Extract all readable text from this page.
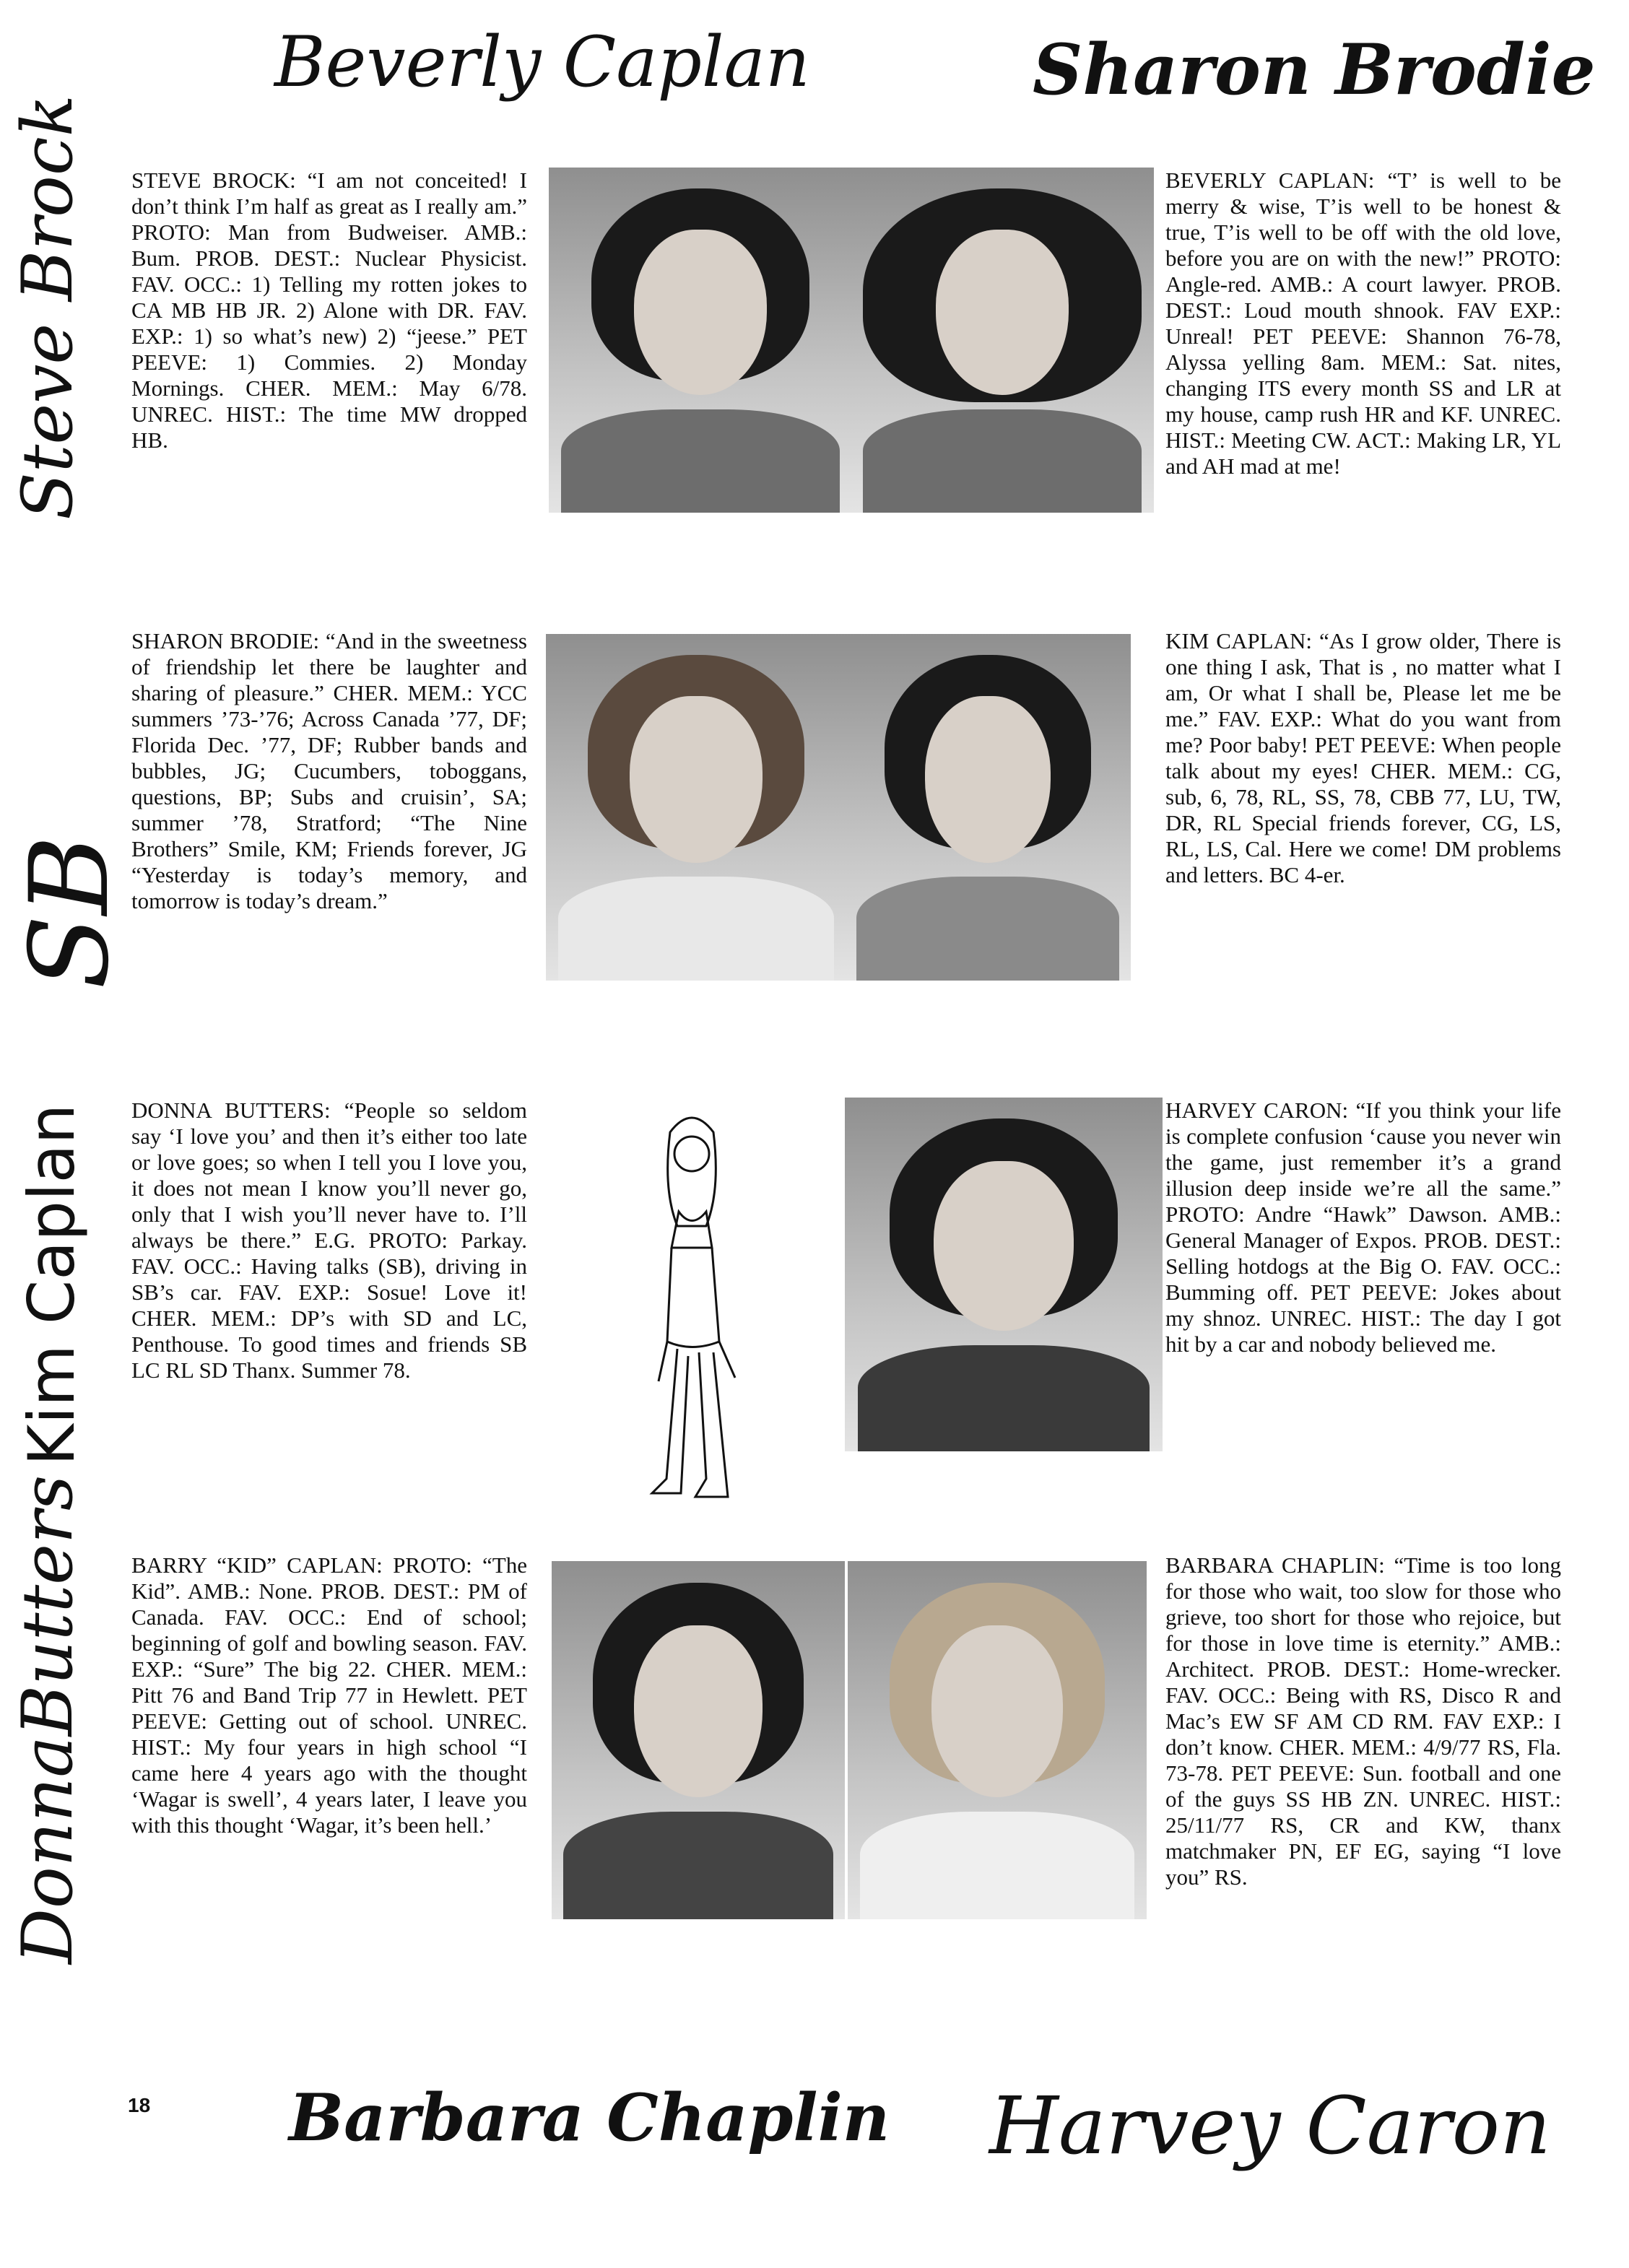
Beverly Caplan	Sharon Brodie
Steve Brock
SB
Kim Caplan
DonnaButters
STEVE BROCK: “I am not conceited! I don’t think I’m half as great as I really am.” PROTO: Man from Budweiser. AMB.: Bum. PROB. DEST.: Nuclear Physicist. FAV. OCC.: 1) Telling my rotten jokes to CA MB HB JR. 2) Alone with DR. FAV. EXP.: 1) so what’s new) 2) “jeese.” PET PEEVE: 1) Commies. 2) Monday Mornings. CHER. MEM.: May 6/78. UNREC. HIST.: The time MW dropped HB.
BEVERLY CAPLAN: “T’ is well to be merry & wise, T’is well to be honest & true, T’is well to be off with the old love, before you are on with the new!” PROTO: Angle-red. AMB.: A court lawyer. PROB. DEST.: Loud mouth shnook. FAV EXP.: Unreal! PET PEEVE: Shannon 76-78, Alyssa yelling 8am. MEM.: Sat. nites, changing ITS every month SS and LR at my house, camp rush HR and KF. UNREC. HIST.: Meeting CW. ACT.: Making LR, YL and AH mad at me!
SHARON BRODIE: “And in the sweetness of friendship let there be laughter and sharing of pleasure.” CHER. MEM.: YCC summers ’73-’76; Across Canada ’77, DF; Florida Dec. ’77, DF; Rubber bands and bubbles, JG; Cucumbers, toboggans, questions, BP; Subs and cruisin’, SA; summer ’78, Stratford; “The Nine Brothers” Smile, KM; Friends forever, JG “Yesterday is today’s memory, and tomorrow is today’s dream.”
KIM CAPLAN: “As I grow older, There is one thing I ask, That is , no matter what I am, Or what I shall be, Please let me be me.” FAV. EXP.: What do you want from me? Poor baby! PET PEEVE: When people talk about my eyes! CHER. MEM.: CG, sub, 6, 78, RL, SS, 78, CBB 77, LU, TW, DR, RL Special friends forever, CG, LS, RL, LS, Cal. Here we come! DM problems and letters. BC 4-er.
DONNA BUTTERS: “People so seldom say ‘I love you’ and then it’s either too late or love goes; so when I tell you I love you, it does not mean I know you’ll never go, only that I wish you’ll never have to. I’ll always be there.” E.G. PROTO: Parkay. FAV. OCC.: Having talks (SB), driving in SB’s car. FAV. EXP.: Sosue! Love it! CHER. MEM.: DP’s with SD and LC, Penthouse. To good times and friends SB LC RL SD Thanx. Summer 78.
HARVEY CARON: “If you think your life is complete confusion ‘cause you never win the game, just remember it’s a grand illusion deep inside we’re all the same.” PROTO: Andre “Hawk” Dawson. AMB.: General Manager of Expos. PROB. DEST.: Selling hotdogs at the Big O. FAV. OCC.: Bumming off. PET PEEVE: Jokes about my shnoz. UNREC. HIST.: The day I got hit by a car and nobody believed me.
BARRY “KID” CAPLAN: PROTO: “The Kid”. AMB.: None. PROB. DEST.: PM of Canada. FAV. OCC.: End of school; beginning of golf and bowling season. FAV. EXP.: “Sure” The big 22. CHER. MEM.: Pitt 76 and Band Trip 77 in Hewlett. PET PEEVE: Getting out of school. UNREC. HIST.: My four years in high school “I came here 4 years ago with the thought ‘Wagar is swell’, 4 years later, I leave you with this thought ‘Wagar, it’s been hell.’
BARBARA CHAPLIN: “Time is too long for those who wait, too slow for those who grieve, too short for those who rejoice, but for those in love time is eternity.” AMB.: Architect. PROB. DEST.: Home-wrecker. FAV. OCC.: Being with RS, Disco R and Mac’s EW SF AM CD RM. FAV EXP.: I don’t know. CHER. MEM.: 4/9/77 RS, Fla. 73-78. PET PEEVE: Sun. football and one of the guys SS HB ZN. UNREC. HIST.: 25/11/77 RS, CR and KW, thanx matchmaker PN, EF EG, saying “I love you” RS.
18 Barbara Chaplin Harvey Caron
